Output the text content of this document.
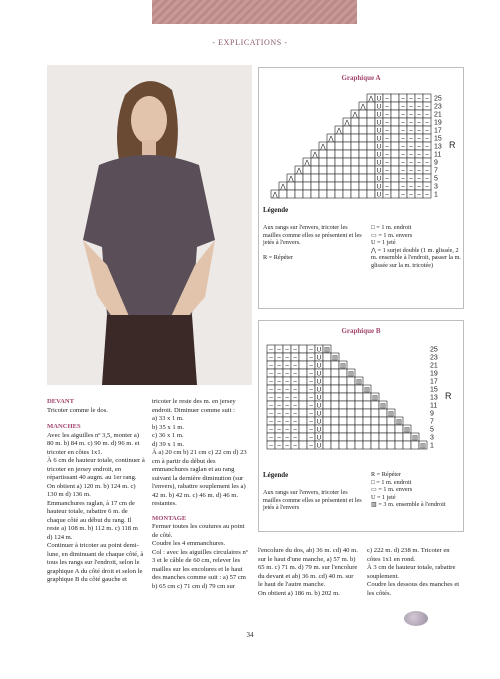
- EXPLICATIONS -
Graphique A
⋀ U – – – – – 25
⋀ U – – – – – 23
⋀	U – – – – – 21
⋀	U – – – – – 19
⋀	U – – – – – 17
⋀	U – – – – – 15
⋀	U – – – – – 13
⋀	U – – – – – 11
⋀	U – – – – – 9
⋀	U – – – – – 7
⋀	U – – – – – 5
⋀	U – – – – – 3
⋀	U – – – – – 1
R
Légende
Aux rangs sur l'envers, tricoter les mailles comme elles se présentent et les jetés à l'envers.
R = Répéter
□ = 1 m. endroit
▭ = 1 m. envers
U = 1 jeté
⋀ = 1 surjet double (1 m. glissée, 2 m. ensemble à l'endroit, passer la m. glissée sur la m. tricotée)
Graphique B
– – – – – U ▥	25
– – – – – U ▥	23
– – – – – U	▥	21
– – – – – U	▥	19
– – – – – U	▥	17
– – – – – U	▥	15
– – – – – U	▥	13
– – – – – U	▥	11
– – – – – U	▥	9
– – – – – U	▥	7
– – – – – U	▥	5
– – – – – U	▥ 3
– – – – – U	▥ 1
R
Légende
Aux rangs sur l'envers, tricoter les mailles comme elles se présentent et les jetés à l'envers
R = Répéter
□ = 1 m. endroit
▭ = 1 m. envers
U = 1 jeté
▥ = 3 m. ensemble à l'endroit
DEVANT
Tricoter comme le dos.
MANCHES
Avec les aiguilles nº 3,5, monter a) 80 m. b) 84 m. c) 90 m. d) 96 m. et tricoter en côtes 1x1.
À 6 cm de hauteur totale, continuer à tricoter en jersey endroit, en répartissant 40 augm. au 1er rang.
On obtient a) 120 m. b) 124 m. c) 130 m d) 136 m.
Emmanchures raglan, à 17 cm de hauteur totale, rabattre 6 m. de chaque côté au début du rang. Il reste a) 108 m. b) 112 m. c) 118 m d) 124 m.
Continuer à tricoter au point demi-lune, en diminuant de chaque côté, à tous les rangs sur l'endroit, selon le graphique A du côté droit et selon le graphique B du côté gauche et
tricoter le reste des m. en jersey endroit. Diminuer comme suit :
a) 33 x 1 m.
b) 35 x 1 m.
c) 36 x 1 m.
d) 39 x 1 m.
À a) 20 cm b) 21 cm c) 22 cm d) 23 cm à partir du début des emmanchures raglan et au rang suivant la dernière diminution (sur l'envers), rabattre souplement les a) 42 m. b) 42 m. c) 46 m. d) 46 m. restantes.
MONTAGE
Fermer toutes les coutures au point de côté.
Coudre les 4 emmanchures.
Col : avec les aiguilles circulaires nº 3 et le câble de 60 cm, relever les mailles sur les encolures et le haut des manches comme suit : a) 57 cm b) 65 cm c) 71 cm d) 79 cm sur
l'encolure du dos, ab) 36 m. cd) 40 m. sur le haut d'une manche, a) 57 m. b) 65 m. c) 71 m. d) 79 m. sur l'encolure du devant et ab) 36 m. cd) 40 m. sur le haut de l'autre manche.
On obtient a) 186 m. b) 202 m.
c) 222 m. d) 238 m. Tricoter en côtes 1x1 en rond.
À 3 cm de hauteur totale, rabattre souplement.
Coudre les dessous des manches et les côtés.
34
